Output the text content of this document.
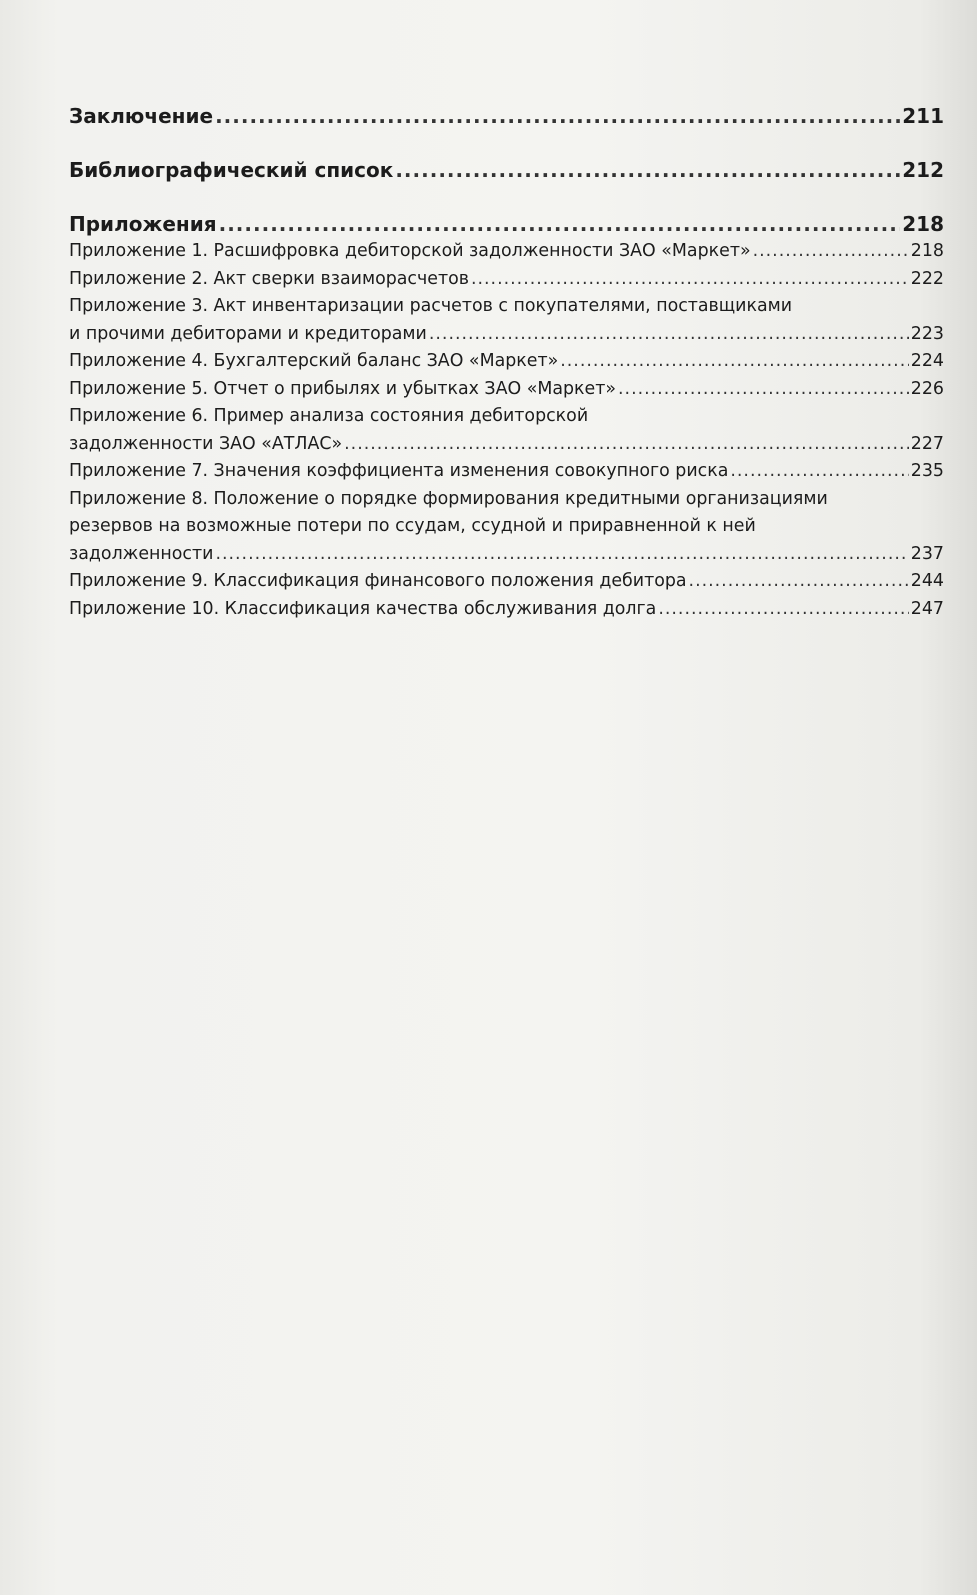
Заключение .....	211
Библиографический список .....	212
Приложения .....	218
Приложение 1. Расшифровка дебиторской задолженности ЗАО «Маркет» .....	218
Приложение 2. Акт сверки взаиморасчетов .....	222
Приложение 3. Акт инвентаризации расчетов с покупателями, поставщиками
и прочими дебиторами и кредиторами .....	223
Приложение 4. Бухгалтерский баланс ЗАО «Маркет» .....	224
Приложение 5. Отчет о прибылях и убытках ЗАО «Маркет» .....	226
Приложение 6. Пример анализа состояния дебиторской
задолженности ЗАО «АТЛАС» .....	227
Приложение 7. Значения коэффициента изменения совокупного риска .....	235
Приложение 8. Положение о порядке формирования кредитными организациями
резервов на возможные потери по ссудам, ссудной и приравненной к ней
задолженности .....	237
Приложение 9. Классификация финансового положения дебитора .....	244
Приложение 10. Классификация качества обслуживания долга .....	247
